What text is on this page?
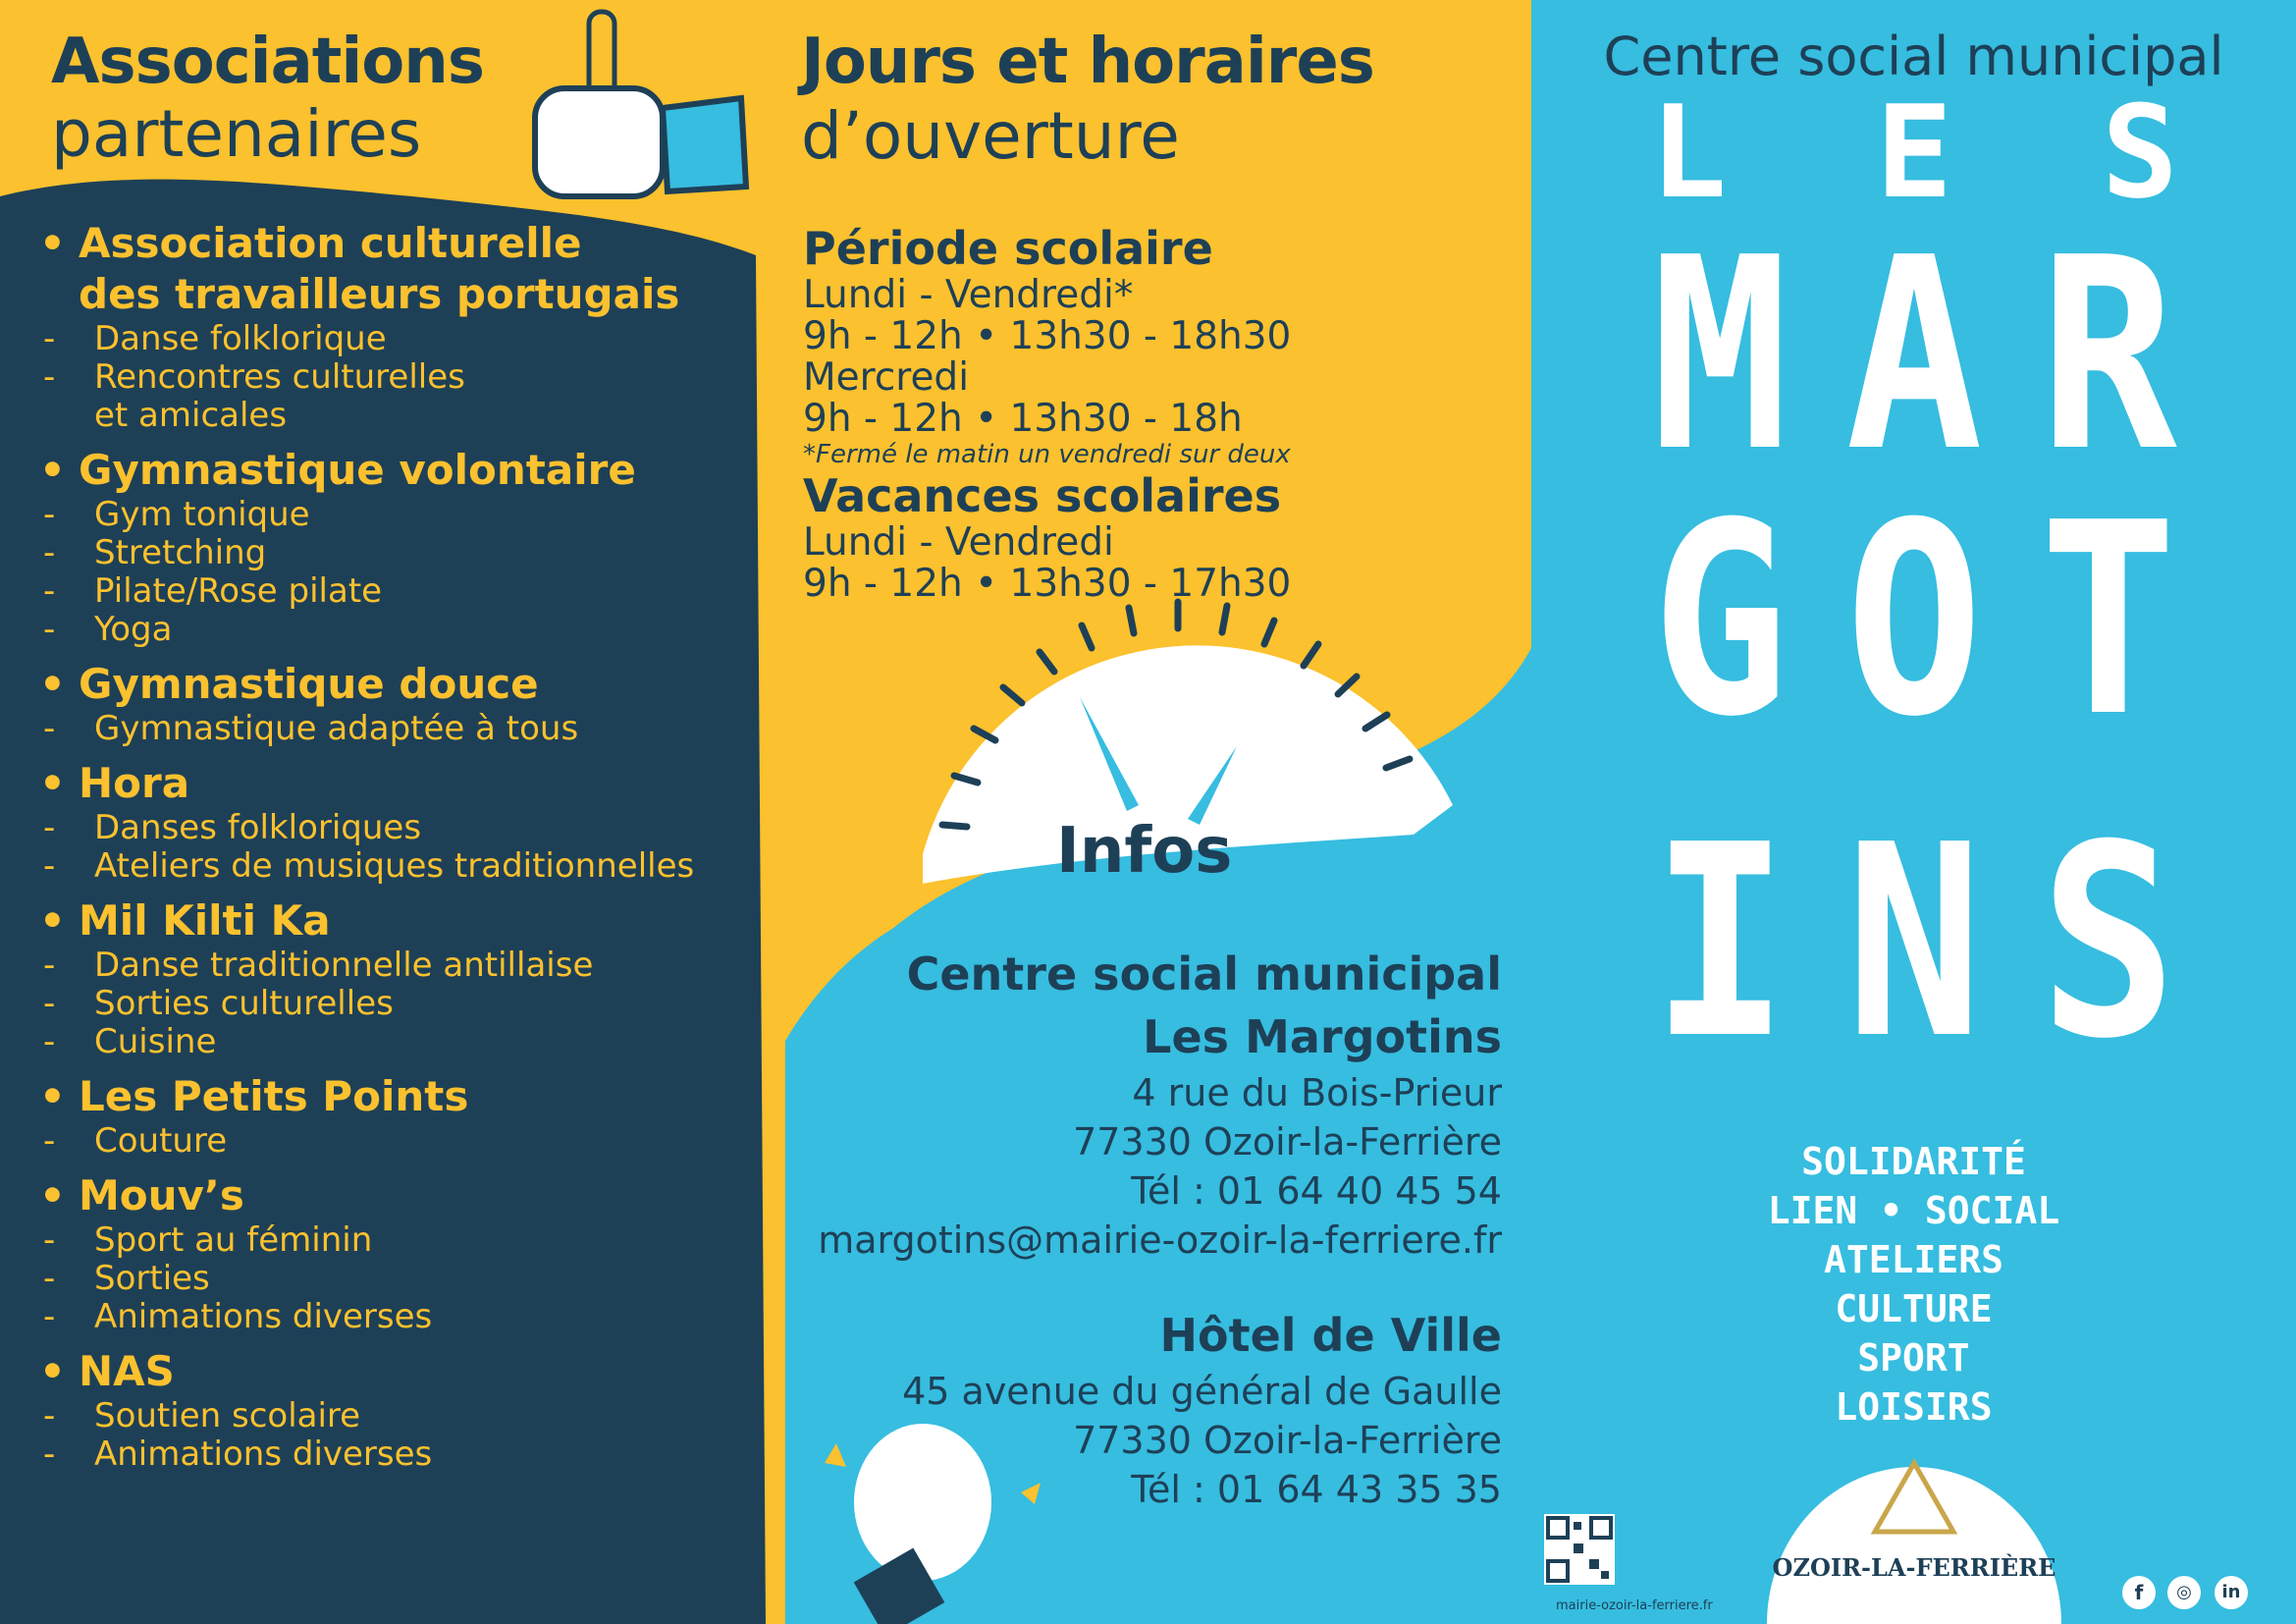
Associations
partenaires
• Association culturelle
des travailleurs portugais
-	Danse folklorique
-	Rencontres culturelles
et amicales
• Gymnastique volontaire
-	Gym tonique
-	Stretching
-	Pilate/Rose pilate
-	Yoga
• Gymnastique douce
-	Gymnastique adaptée à tous
• Hora
-	Danses folkloriques
-	Ateliers de musiques traditionnelles
• Mil Kilti Ka
-	Danse traditionnelle antillaise
-	Sorties culturelles
-	Cuisine
• Les Petits Points
-	Couture
• Mouv’s
-	Sport au féminin
-	Sorties
-	Animations diverses
• NAS
-	Soutien scolaire
-	Animations diverses
Jours et horaires
d’ouverture
Période scolaire
Lundi - Vendredi*
9h - 12h • 13h30 - 18h30
Mercredi
9h - 12h • 13h30 - 18h
*Fermé le matin un vendredi sur deux
Vacances scolaires
Lundi - Vendredi
9h - 12h • 13h30 - 17h30
Infos
Centre social municipal
Les Margotins
4 rue du Bois-Prieur
77330 Ozoir-la-Ferrière
Tél : 01 64 40 45 54
margotins@mairie-ozoir-la-ferriere.fr
Hôtel de Ville
45 avenue du général de Gaulle
77330 Ozoir-la-Ferrière
Tél : 01 64 43 35 35
Centre social municipal
L	E	S
M A R
G O T
I N S
SOLIDARITÉ
LIEN • SOCIAL
ATELIERS
CULTURE
SPORT
LOISIRS
mairie-ozoir-la-ferriere.fr
OZOIR-LA-FERRIÈRE
f	◎	in
